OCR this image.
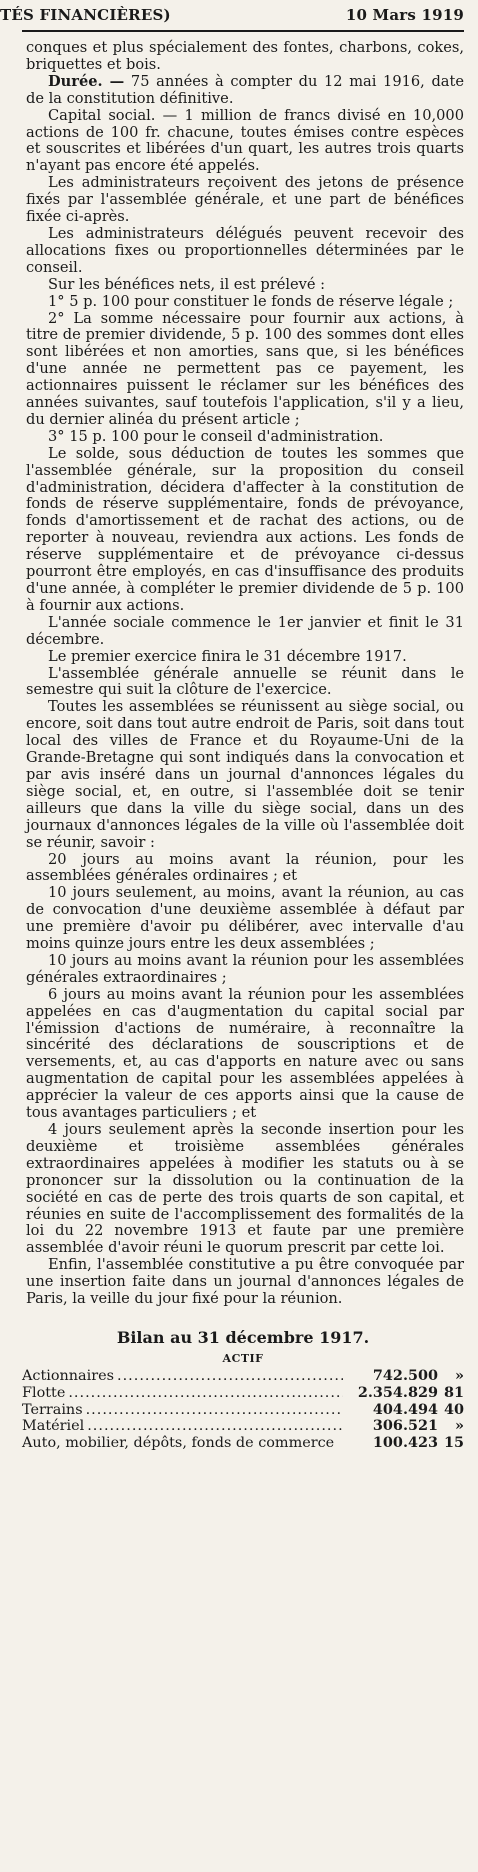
TÉS FINANCIÈRES)	10 Mars 1919

conques et plus spécialement des fontes, charbons, cokes, briquettes et bois.

Durée. — 75 années à compter du 12 mai 1916, date de la constitution définitive.

Capital social. — 1 million de francs divisé en 10,000 actions de 100 fr. chacune, toutes émises contre espèces et souscrites et libérées d'un quart, les autres trois quarts n'ayant pas encore été appelés.

Les administrateurs reçoivent des jetons de présence fixés par l'assemblée générale, et une part de bénéfices fixée ci-après.

Les administrateurs délégués peuvent recevoir des allocations fixes ou proportionnelles déterminées par le conseil.

Sur les bénéfices nets, il est prélevé :

1° 5 p. 100 pour constituer le fonds de réserve légale ;

2° La somme nécessaire pour fournir aux actions, à titre de premier dividende, 5 p. 100 des sommes dont elles sont libérées et non amorties, sans que, si les bénéfices d'une année ne permettent pas ce payement, les actionnaires puissent le réclamer sur les bénéfices des années suivantes, sauf toutefois l'application, s'il y a lieu, du dernier alinéa du présent article ;

3° 15 p. 100 pour le conseil d'administration.

Le solde, sous déduction de toutes les sommes que l'assemblée générale, sur la proposition du conseil d'administration, décidera d'affecter à la constitution de fonds de réserve supplémentaire, fonds de prévoyance, fonds d'amortissement et de rachat des actions, ou de reporter à nouveau, reviendra aux actions. Les fonds de réserve supplémentaire et de prévoyance ci-dessus pourront être employés, en cas d'insuffisance des produits d'une année, à compléter le premier dividende de 5 p. 100 à fournir aux actions.

L'année sociale commence le 1er janvier et finit le 31 décembre.

Le premier exercice finira le 31 décembre 1917.

L'assemblée générale annuelle se réunit dans le semestre qui suit la clôture de l'exercice.

Toutes les assemblées se réunissent au siège social, ou encore, soit dans tout autre endroit de Paris, soit dans tout local des villes de France et du Royaume-Uni de la Grande-Bretagne qui sont indiqués dans la convocation et par avis inséré dans un journal d'annonces légales du siège social, et, en outre, si l'assemblée doit se tenir ailleurs que dans la ville du siège social, dans un des journaux d'annonces légales de la ville où l'assemblée doit se réunir, savoir :

20 jours au moins avant la réunion, pour les assemblées générales ordinaires ; et

10 jours seulement, au moins, avant la réunion, au cas de convocation d'une deuxième assemblée à défaut par une première d'avoir pu délibérer, avec intervalle d'au moins quinze jours entre les deux assemblées ;

10 jours au moins avant la réunion pour les assemblées générales extraordinaires ;

6 jours au moins avant la réunion pour les assemblées appelées en cas d'augmentation du capital social par l'émission d'actions de numéraire, à reconnaître la sincérité des déclarations de souscriptions et de versements, et, au cas d'apports en nature avec ou sans augmentation de capital pour les assemblées appelées à apprécier la valeur de ces apports ainsi que la cause de tous avantages particuliers ; et

4 jours seulement après la seconde insertion pour les deuxième et troisième assemblées générales extraordinaires appelées à modifier les statuts ou à se prononcer sur la dissolution ou la continuation de la société en cas de perte des trois quarts de son capital, et réunies en suite de l'accomplissement des formalités de la loi du 22 novembre 1913 et faute par une première assemblée d'avoir réuni le quorum prescrit par cette loi.

Enfin, l'assemblée constitutive a pu être convoquée par une insertion faite dans un journal d'annonces légales de Paris, la veille du jour fixé pour la réunion.

Bilan au 31 décembre 1917.
ACTIF
Actionnaires .....	742.500	»
Flotte .....	2.354.829 81
Terrains .....	404.494 40
Matériel .....	306.521	»
Auto, mobilier, dépôts, fonds de commerce	100.423 15
